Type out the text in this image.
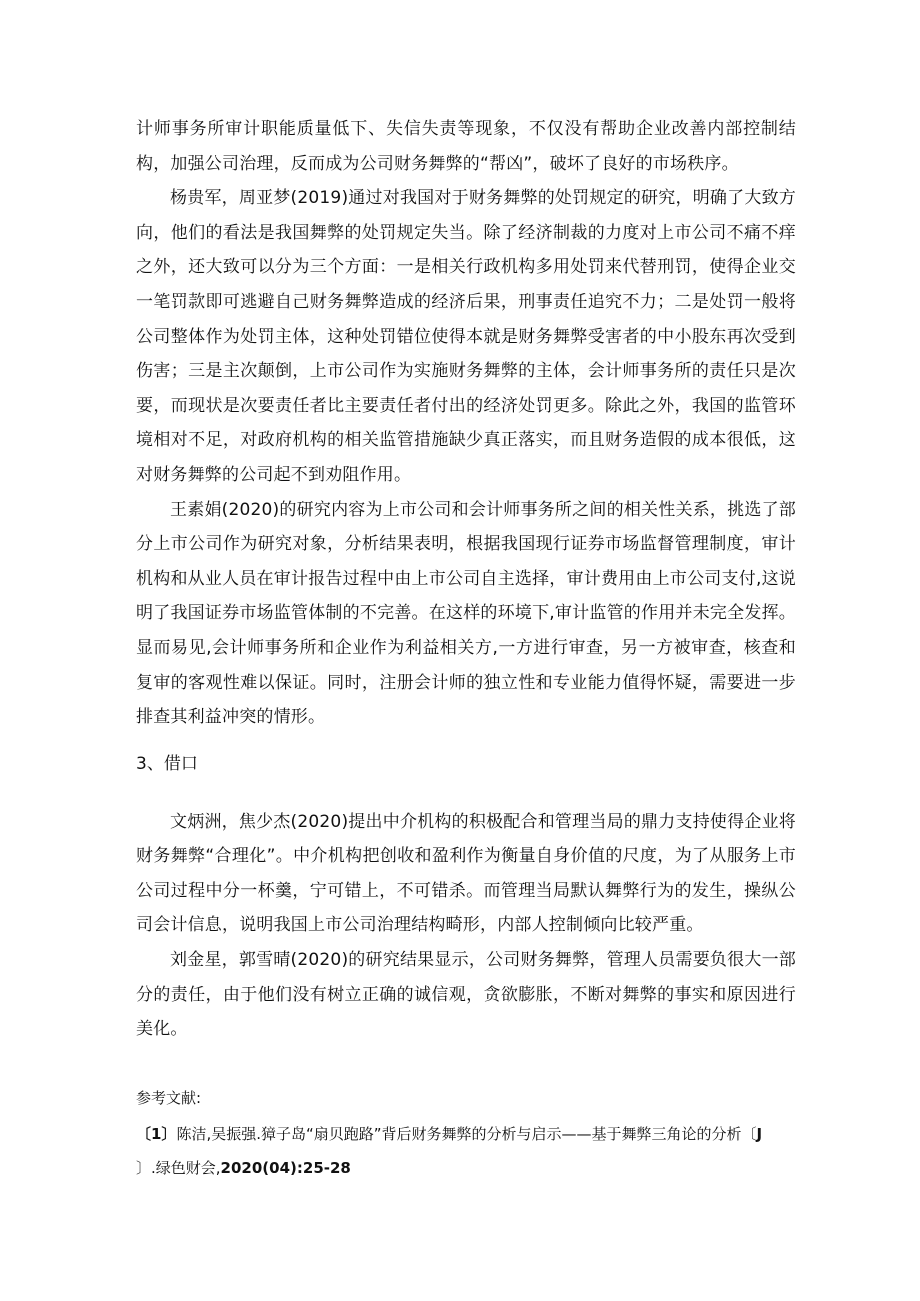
计师事务所审计职能质量低下、失信失责等现象，不仅没有帮助企业改善内部控制结构，加强公司治理，反而成为公司财务舞弊的“帮凶”，破坏了良好的市场秩序。

杨贵军，周亚梦(2019)通过对我国对于财务舞弊的处罚规定的研究，明确了大致方向，他们的看法是我国舞弊的处罚规定失当。除了经济制裁的力度对上市公司不痛不痒之外，还大致可以分为三个方面：一是相关行政机构多用处罚来代替刑罚，使得企业交一笔罚款即可逃避自己财务舞弊造成的经济后果，刑事责任追究不力；二是处罚一般将公司整体作为处罚主体，这种处罚错位使得本就是财务舞弊受害者的中小股东再次受到伤害；三是主次颠倒，上市公司作为实施财务舞弊的主体，会计师事务所的责任只是次要，而现状是次要责任者比主要责任者付出的经济处罚更多。除此之外，我国的监管环境相对不足，对政府机构的相关监管措施缺少真正落实，而且财务造假的成本很低，这对财务舞弊的公司起不到劝阻作用。

王素娟(2020)的研究内容为上市公司和会计师事务所之间的相关性关系，挑选了部分上市公司作为研究对象，分析结果表明，根据我国现行证券市场监督管理制度，审计机构和从业人员在审计报告过程中由上市公司自主选择，审计费用由上市公司支付,这说明了我国证券市场监管体制的不完善。在这样的环境下,审计监管的作用并未完全发挥。显而易见,会计师事务所和企业作为利益相关方,一方进行审查，另一方被审查，核查和复审的客观性难以保证。同时，注册会计师的独立性和专业能力值得怀疑，需要进一步排查其利益冲突的情形。

3、借口

文炳洲，焦少杰(2020)提出中介机构的积极配合和管理当局的鼎力支持使得企业将财务舞弊“合理化”。中介机构把创收和盈利作为衡量自身价值的尺度，为了从服务上市公司过程中分一杯羹，宁可错上，不可错杀。而管理当局默认舞弊行为的发生，操纵公司会计信息，说明我国上市公司治理结构畸形，内部人控制倾向比较严重。

刘金星，郭雪晴(2020)的研究结果显示，公司财务舞弊，管理人员需要负很大一部分的责任，由于他们没有树立正确的诚信观，贪欲膨胀，不断对舞弊的事实和原因进行美化。

参考文献:

〔1〕陈洁,吴振强.獐子岛“扇贝跑路”背后财务舞弊的分析与启示——基于舞弊三角论的分析〔J
〕.绿色财会,2020(04):25-28
